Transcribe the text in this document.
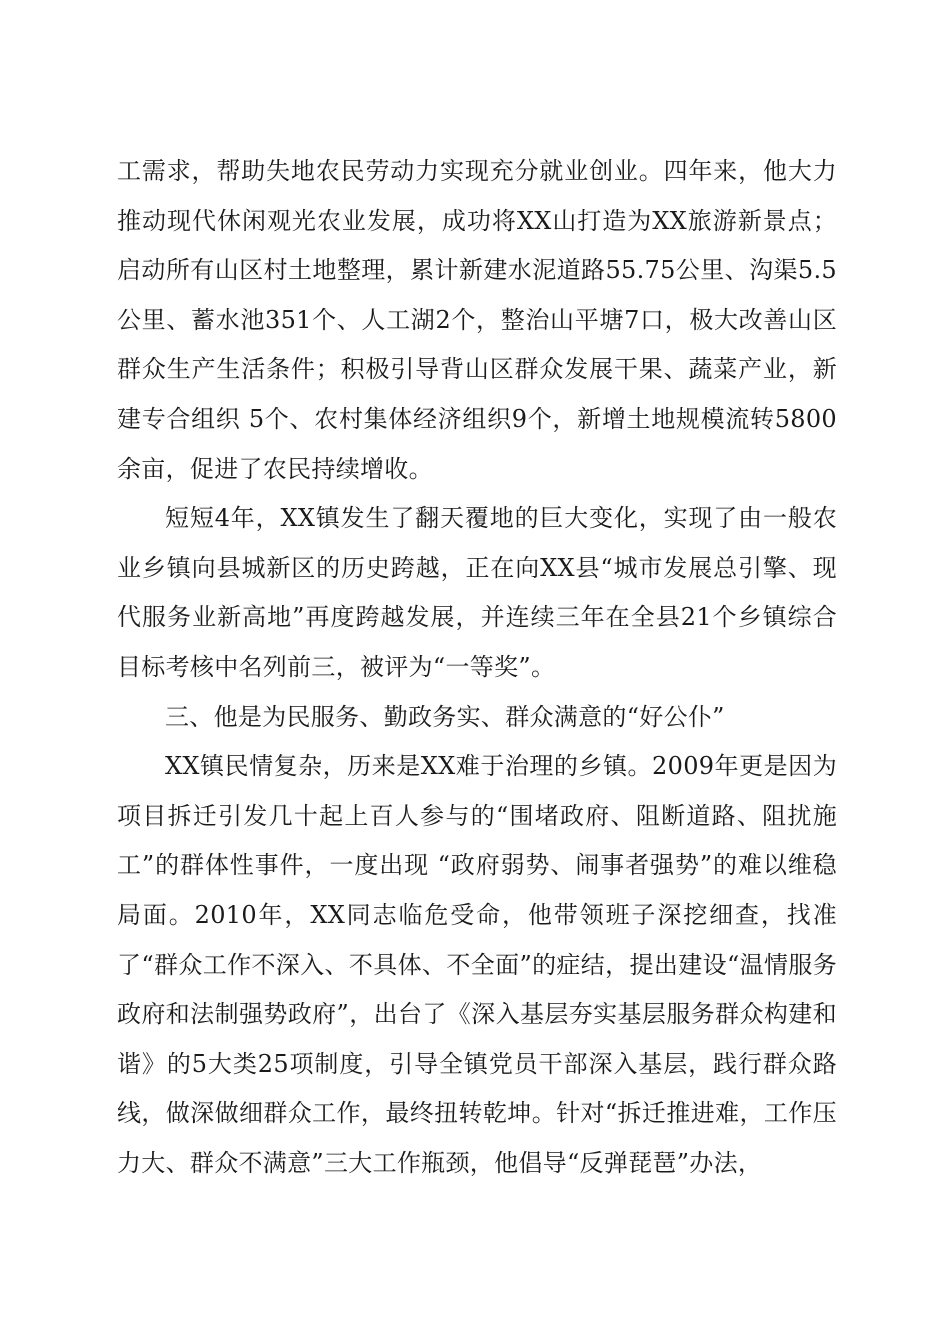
工需求，帮助失地农民劳动力实现充分就业创业。四年来，他大力推动现代休闲观光农业发展，成功将XX山打造为XX旅游新景点；启动所有山区村土地整理，累计新建水泥道路55.75公里、沟渠5.5公里、蓄水池351个、人工湖2个，整治山平塘7口，极大改善山区群众生产生活条件；积极引导背山区群众发展干果、蔬菜产业，新建专合组织 5个、农村集体经济组织9个，新增土地规模流转5800余亩，促进了农民持续增收。

短短4年，XX镇发生了翻天覆地的巨大变化，实现了由一般农业乡镇向县城新区的历史跨越，正在向XX县“城市发展总引擎、现代服务业新高地”再度跨越发展，并连续三年在全县21个乡镇综合目标考核中名列前三，被评为“一等奖”。

三、他是为民服务、勤政务实、群众满意的“好公仆”

XX镇民情复杂，历来是XX难于治理的乡镇。2009年更是因为项目拆迁引发几十起上百人参与的“围堵政府、阻断道路、阻扰施工”的群体性事件，一度出现 “政府弱势、闹事者强势”的难以维稳局面。2010年，XX同志临危受命，他带领班子深挖细查，找准了“群众工作不深入、不具体、不全面”的症结，提出建设“温情服务政府和法制强势政府”，出台了《深入基层夯实基层服务群众构建和谐》的5大类25项制度，引导全镇党员干部深入基层，践行群众路线，做深做细群众工作，最终扭转乾坤。针对“拆迁推进难，工作压力大、群众不满意”三大工作瓶颈，他倡导“反弹琵琶”办法，
